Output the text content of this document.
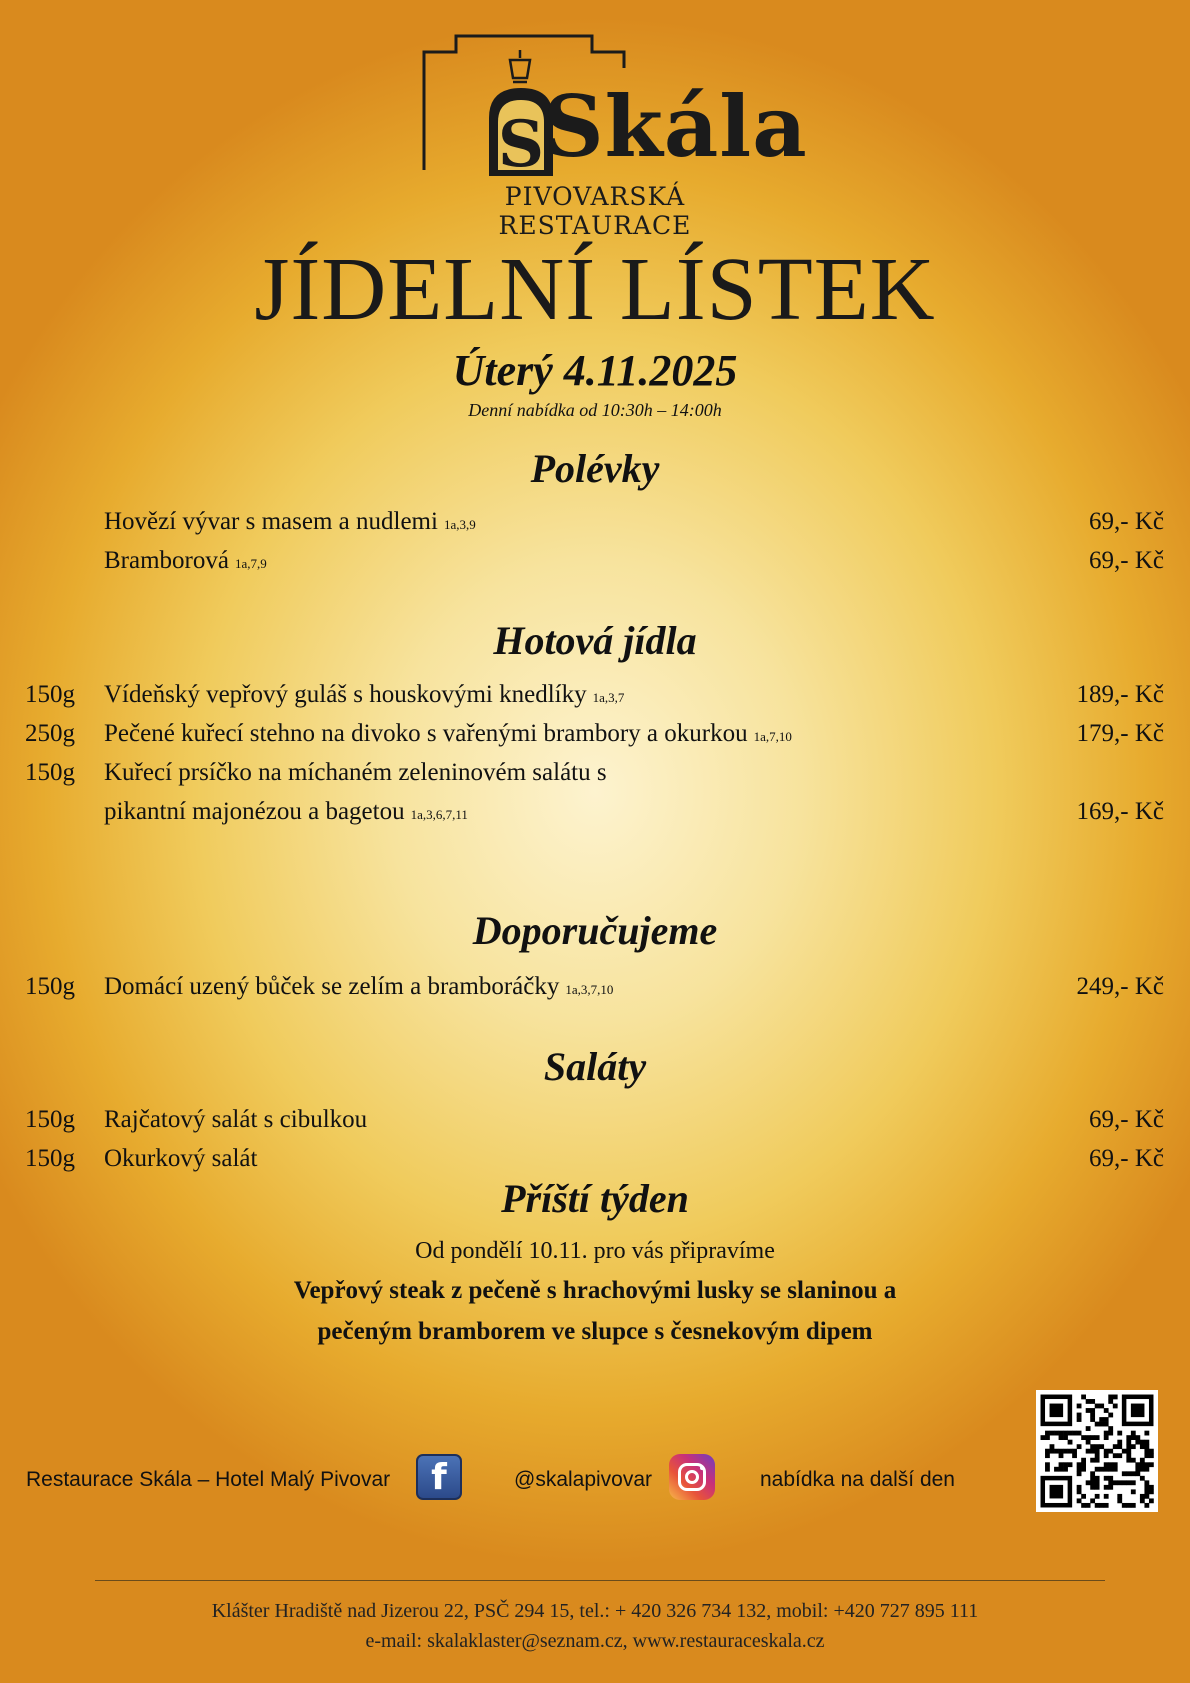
S
Skála
PIVOVARSKÁ RESTAURACE
JÍDELNÍ LÍSTEK
Úterý 4.11.2025
Denní nabídka od 10:30h – 14:00h
Polévky
Hovězí vývar s masem a nudlemi 1a,3,9	69,- Kč
Bramborová 1a,7,9	69,- Kč
Hotová jídla
150g	Vídeňský vepřový guláš s houskovými knedlíky 1a,3,7	189,- Kč
250g	Pečené kuřecí stehno na divoko s vařenými brambory a okurkou 1a,7,10	179,- Kč
150g	Kuřecí prsíčko na míchaném zeleninovém salátu s
pikantní majonézou a bagetou 1a,3,6,7,11	169,- Kč
Doporučujeme
150g	Domácí uzený bůček se zelím a bramboráčky 1a,3,7,10	249,- Kč
Saláty
150g	Rajčatový salát s cibulkou	69,- Kč
150g	Okurkový salát	69,- Kč
Příští týden
Od pondělí 10.11. pro vás připravíme
Vepřový steak z pečeně s hrachovými lusky se slaninou a
pečeným bramborem ve slupce s česnekovým dipem
Restaurace Skála – Hotel Malý Pivovar	f	@skalapivovar	nabídka na další den
Klášter Hradiště nad Jizerou 22, PSČ 294 15, tel.: + 420 326 734 132, mobil: +420 727 895 111
e-mail: skalaklaster@seznam.cz, www.restauraceskala.cz
